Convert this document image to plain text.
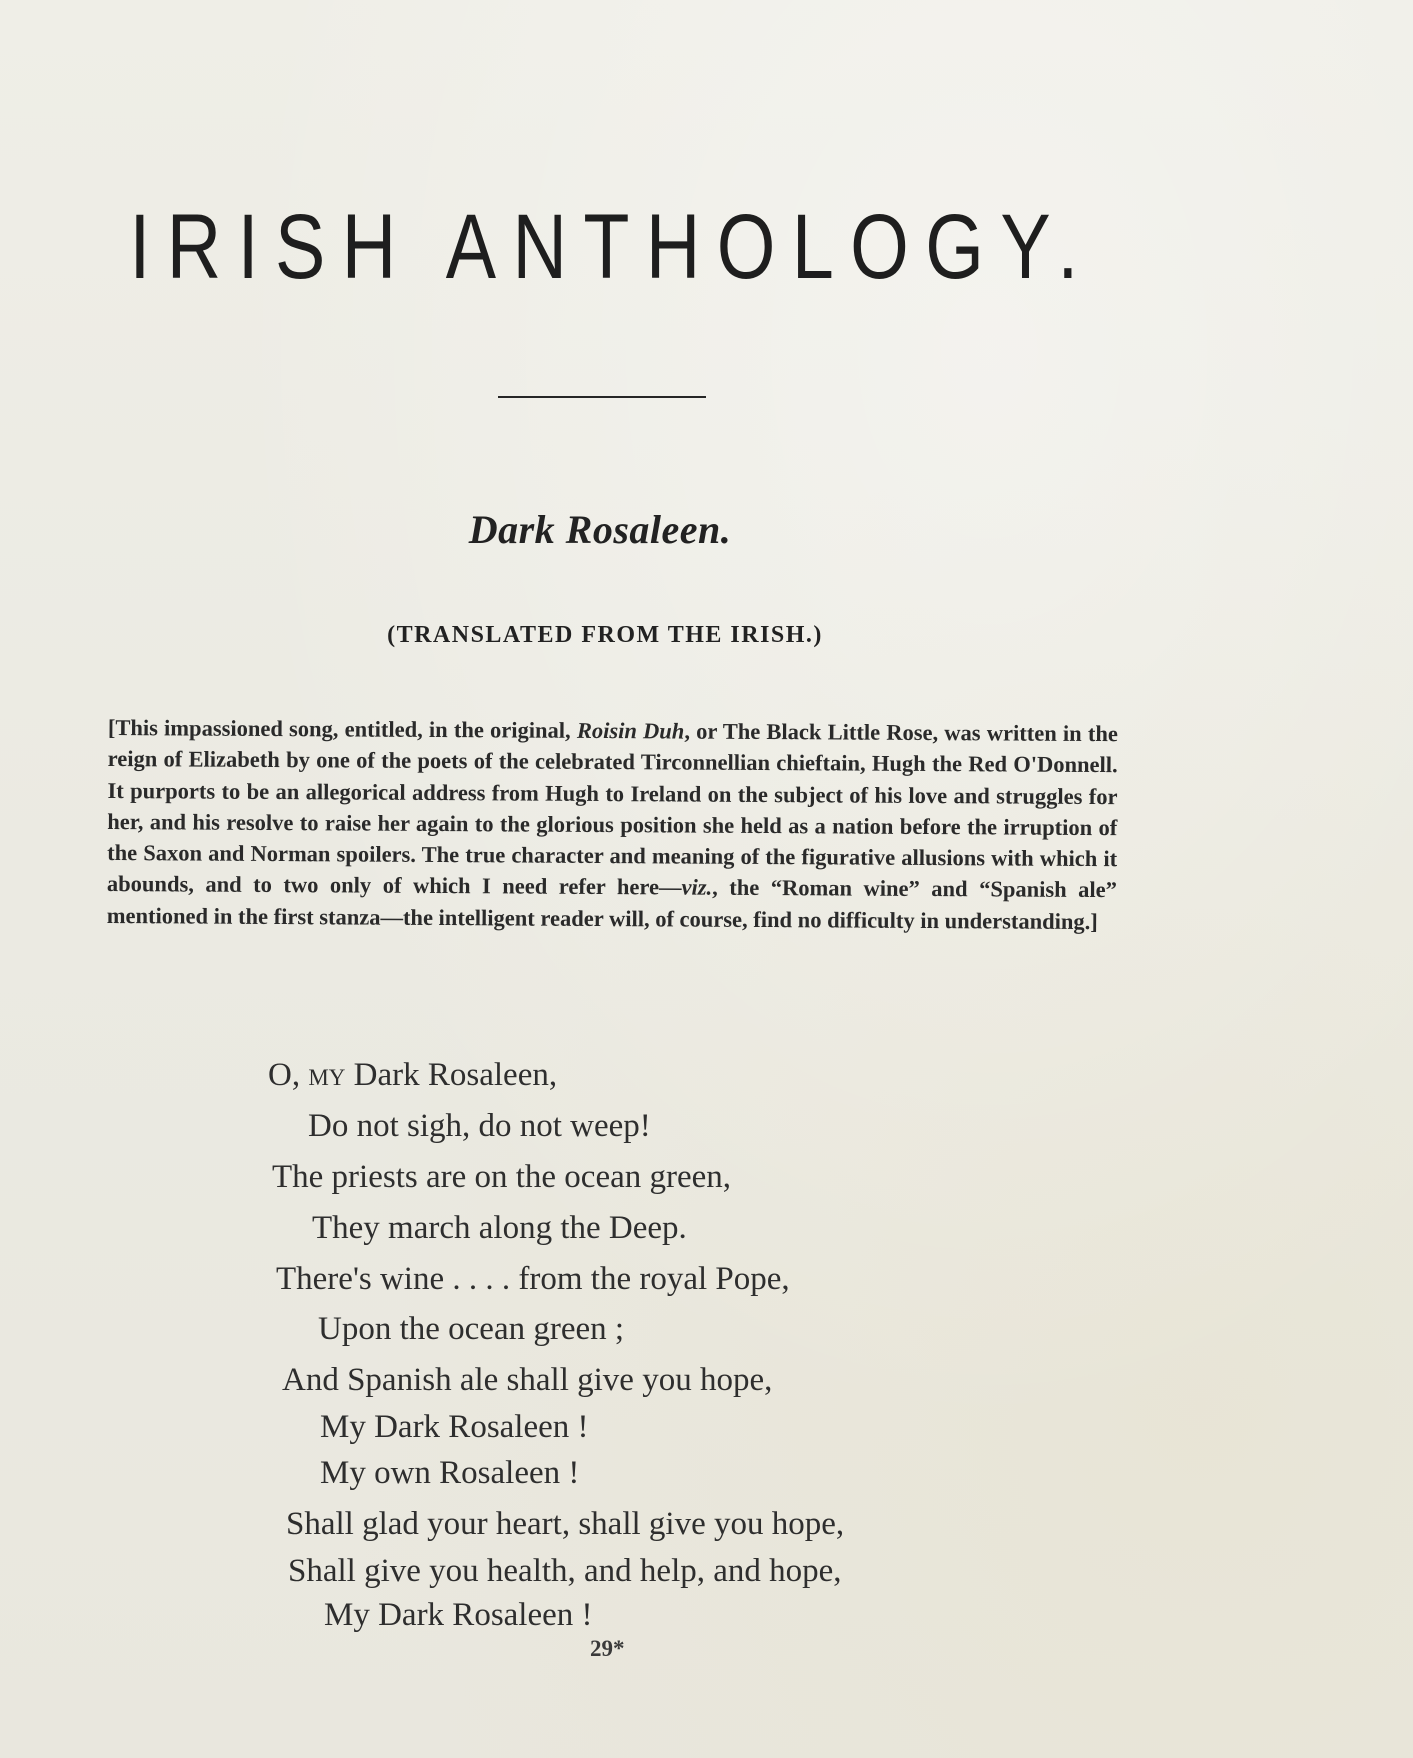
IRISH ANTHOLOGY.
Dark Rosaleen.
(TRANSLATED FROM THE IRISH.)

[This impassioned song, entitled, in the original, Roisin Duh, or The Black Little Rose, was written in the reign of Elizabeth by one of the poets of the celebrated Tirconnellian chieftain, Hugh the Red O'Donnell. It purports to be an allegorical address from Hugh to Ireland on the subject of his love and struggles for her, and his resolve to raise her again to the glorious position she held as a nation before the irruption of the Saxon and Norman spoilers. The true character and meaning of the figurative allusions with which it abounds, and to two only of which I need refer here—viz., the “Roman wine” and “Spanish ale” mentioned in the first stanza—the intelligent reader will, of course, find no difficulty in understanding.]

O, my Dark Rosaleen,
Do not sigh, do not weep!
The priests are on the ocean green,
They march along the Deep.
There's wine . . . . from the royal Pope,
Upon the ocean green ;
And Spanish ale shall give you hope,
My Dark Rosaleen !
My own Rosaleen !
Shall glad your heart, shall give you hope,
Shall give you health, and help, and hope,
My Dark Rosaleen !
29*
